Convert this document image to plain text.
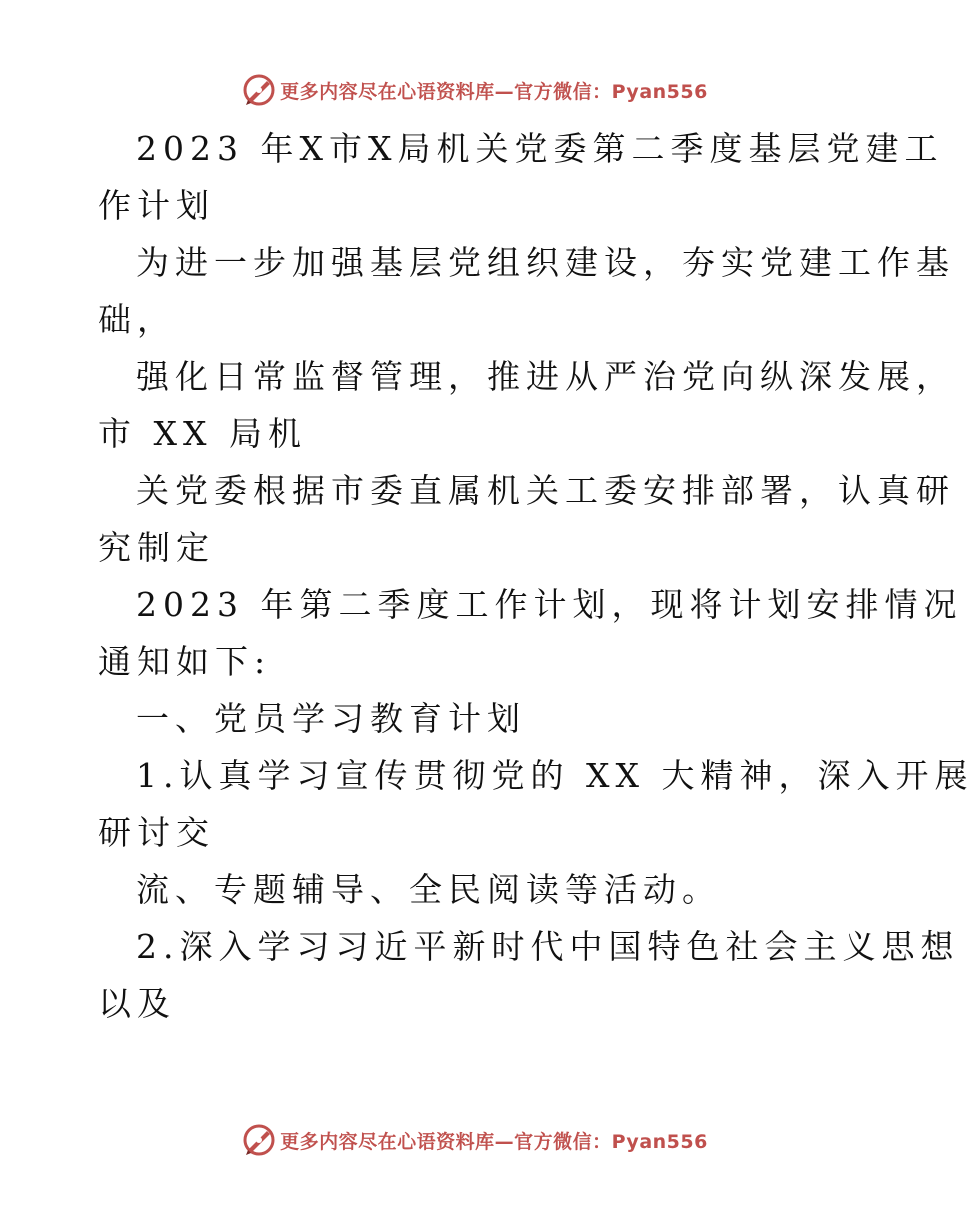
更多内容尽在心语资料库—官方微信：Pyan556
2023 年X市X局机关党委第二季度基层党建工
作计划
为进一步加强基层党组织建设，夯实党建工作基
础，
强化日常监督管理，推进从严治党向纵深发展，
市 XX 局机
关党委根据市委直属机关工委安排部署，认真研
究制定
2023 年第二季度工作计划，现将计划安排情况
通知如下:
一、党员学习教育计划
1.认真学习宣传贯彻党的 XX 大精神，深入开展
研讨交
流、专题辅导、全民阅读等活动。
2.深入学习习近平新时代中国特色社会主义思想
以及
更多内容尽在心语资料库—官方微信：Pyan556
